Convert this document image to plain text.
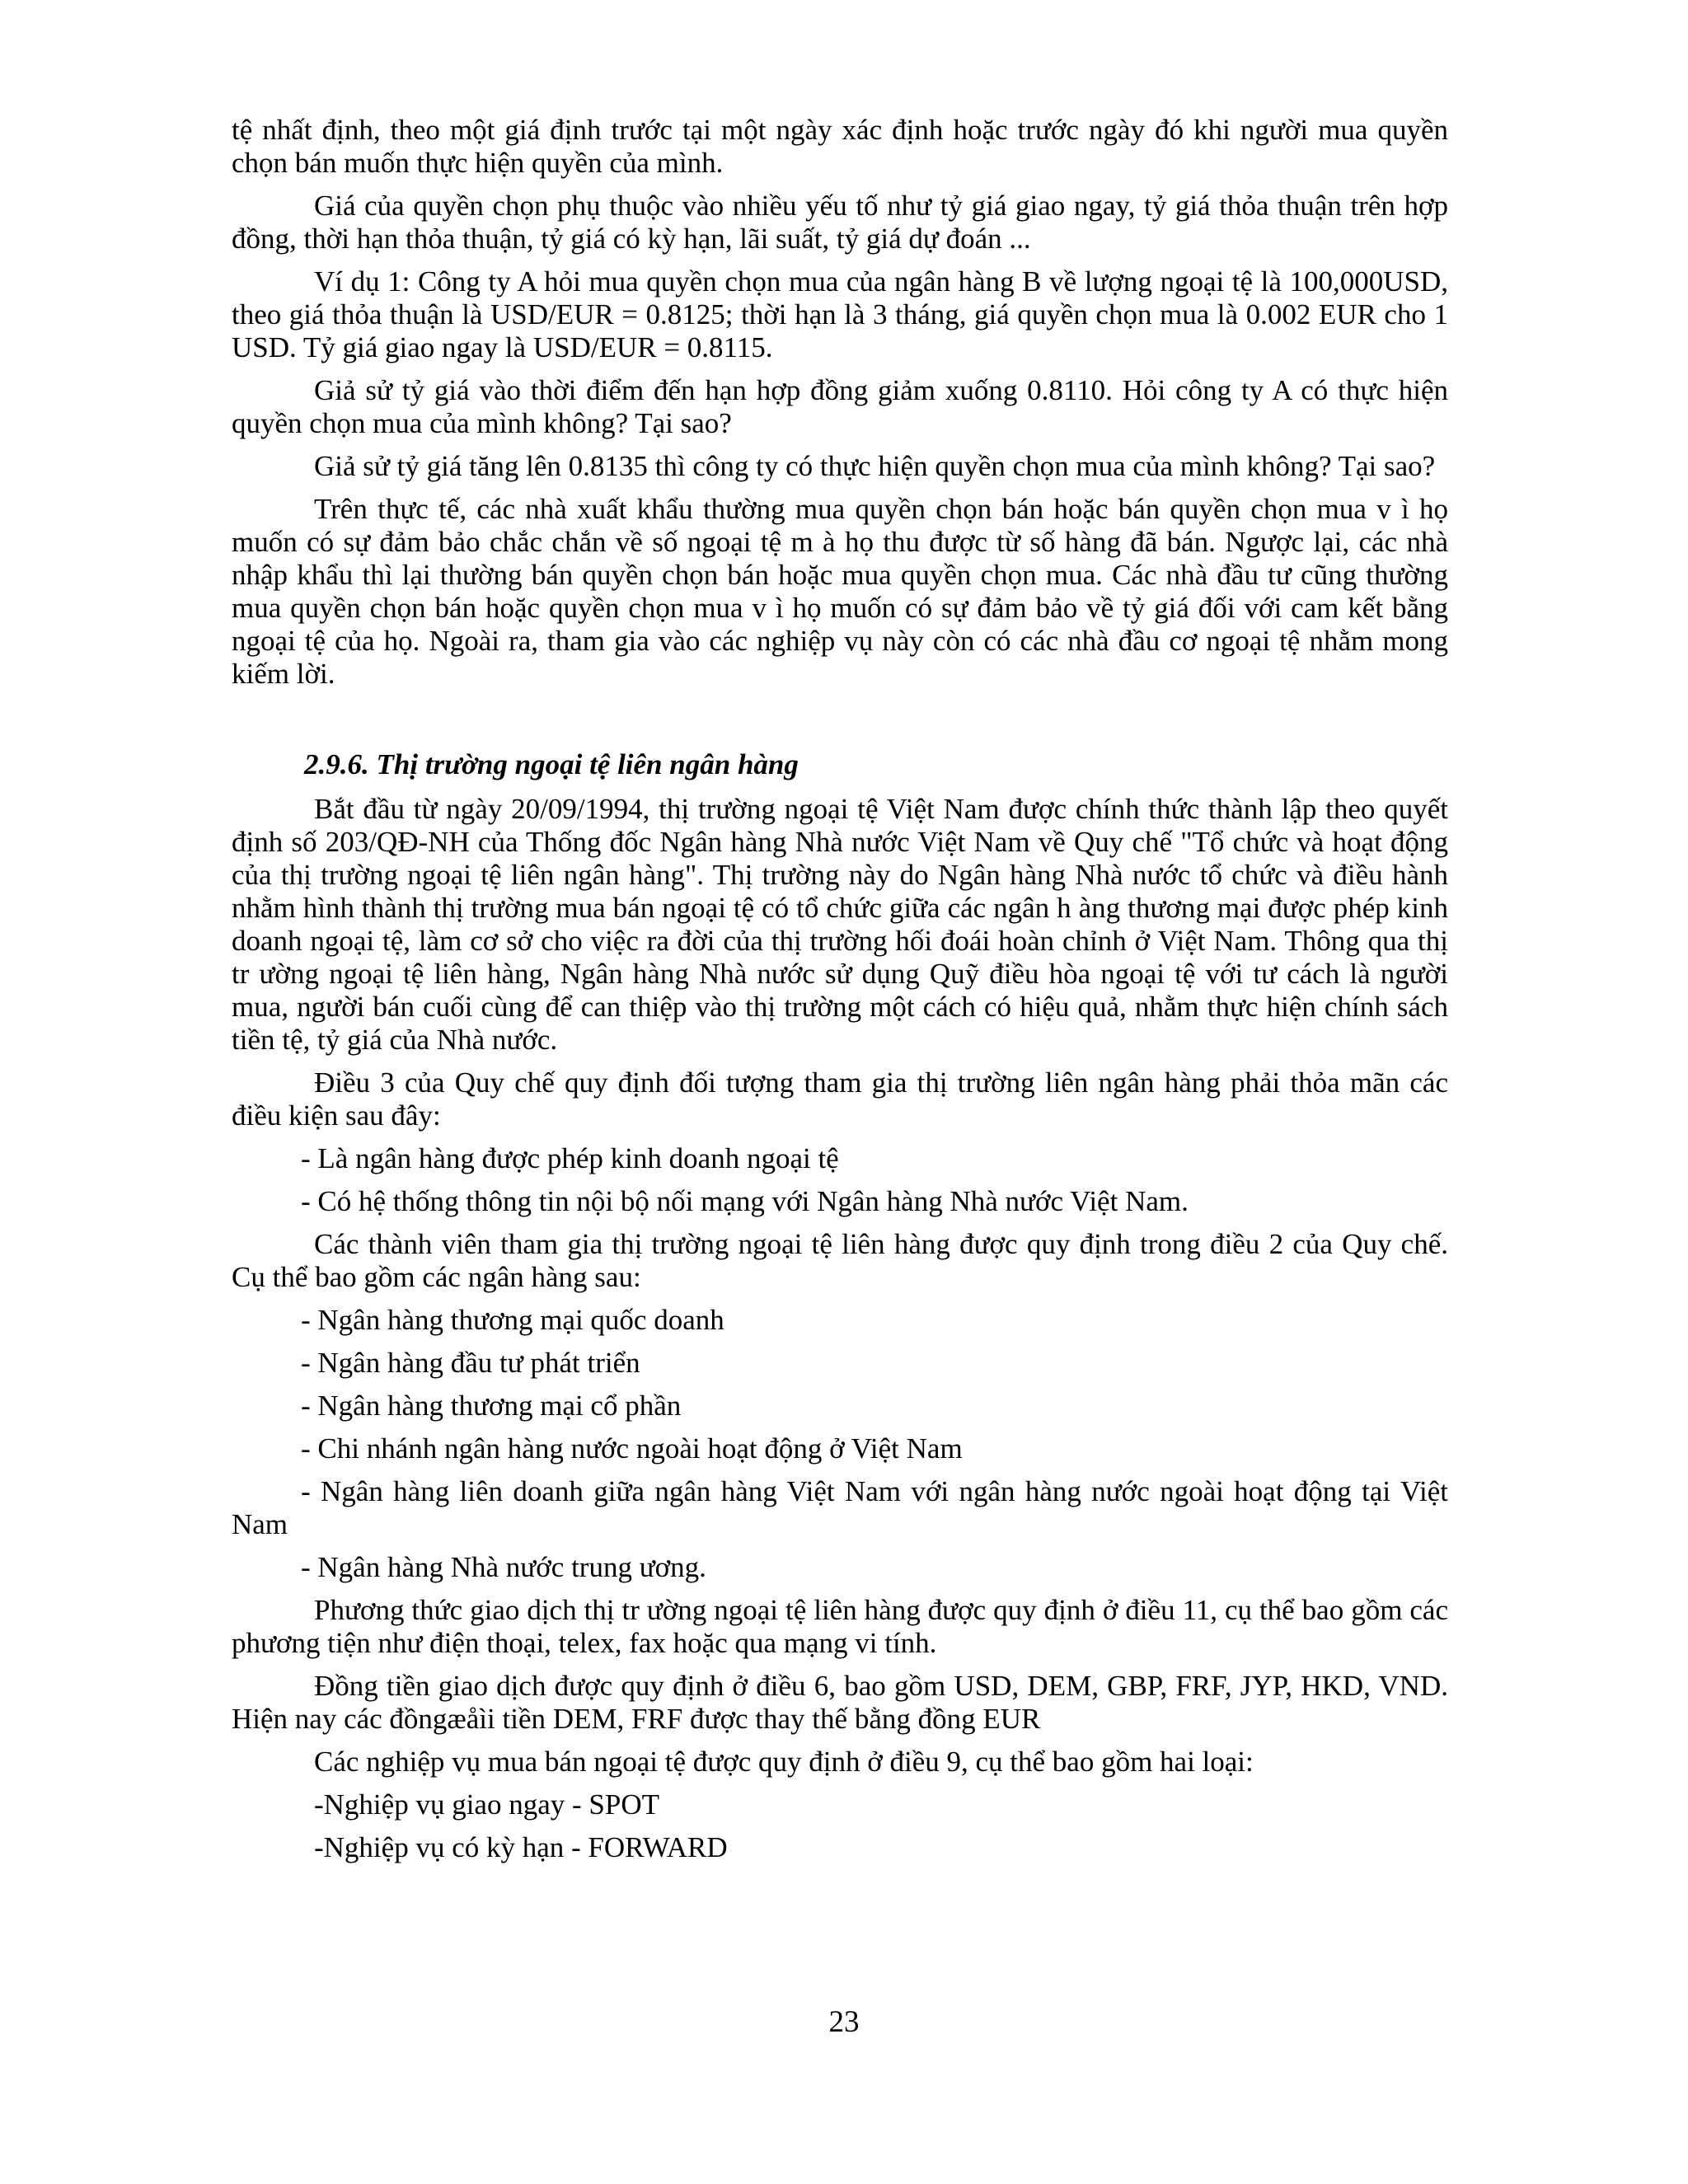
tệ nhất định, theo một giá định trước tại một ngày xác định hoặc trước ngày đó khi người mua quyền chọn bán muốn thực hiện quyền của mình.

Giá của quyền chọn phụ thuộc vào nhiều yếu tố như tỷ giá giao ngay, tỷ giá thỏa thuận trên hợp đồng, thời hạn thỏa thuận, tỷ giá có kỳ hạn, lãi suất, tỷ giá dự đoán ...

Ví dụ 1: Công ty A hỏi mua quyền chọn mua của ngân hàng B về lượng ngoại tệ là 100,000USD, theo giá thỏa thuận là USD/EUR = 0.8125; thời hạn là 3 tháng, giá quyền chọn mua là 0.002 EUR cho 1 USD. Tỷ giá giao ngay là USD/EUR = 0.8115.

Giả sử tỷ giá vào thời điểm đến hạn hợp đồng giảm xuống 0.8110. Hỏi công ty A có thực hiện quyền chọn mua của mình không? Tại sao?

Giả sử tỷ giá tăng lên 0.8135 thì công ty có thực hiện quyền chọn mua của mình không? Tại sao?

Trên thực tế, các nhà xuất khẩu thường mua quyền chọn bán hoặc bán quyền chọn mua v ì họ muốn có sự đảm bảo chắc chắn về số ngoại tệ m à họ thu được từ số hàng đã bán. Ngược lại, các nhà nhập khẩu thì lại thường bán quyền chọn bán hoặc mua quyền chọn mua. Các nhà đầu tư cũng thường mua quyền chọn bán hoặc quyền chọn mua v ì họ muốn có sự đảm bảo về tỷ giá đối với cam kết bằng ngoại tệ của họ. Ngoài ra, tham gia vào các nghiệp vụ này còn có các nhà đầu cơ ngoại tệ nhằm mong kiếm lời.

2.9.6. Thị trường ngoại tệ liên ngân hàng

Bắt đầu từ ngày 20/09/1994, thị trường ngoại tệ Việt Nam được chính thức thành lập theo quyết định số 203/QĐ-NH của Thống đốc Ngân hàng Nhà nước Việt Nam về Quy chế "Tổ chức và hoạt động của thị trường ngoại tệ liên ngân hàng". Thị trường này do Ngân hàng Nhà nước tổ chức và điều hành nhằm hình thành thị trường mua bán ngoại tệ có tổ chức giữa các ngân h àng thương mại được phép kinh doanh ngoại tệ, làm cơ sở cho việc ra đời của thị trường hối đoái hoàn chỉnh ở Việt Nam. Thông qua thị tr ường ngoại tệ liên hàng, Ngân hàng Nhà nước sử dụng Quỹ điều hòa ngoại tệ với tư cách là người mua, người bán cuối cùng để can thiệp vào thị trường một cách có hiệu quả, nhằm thực hiện chính sách tiền tệ, tỷ giá của Nhà nước.

Điều 3 của Quy chế quy định đối tượng tham gia thị trường liên ngân hàng phải thỏa mãn các điều kiện sau đây:

- Là ngân hàng được phép kinh doanh ngoại tệ

- Có hệ thống thông tin nội bộ nối mạng với Ngân hàng Nhà nước Việt Nam.

Các thành viên tham gia thị trường ngoại tệ liên hàng được quy định trong điều 2 của Quy chế. Cụ thể bao gồm các ngân hàng sau:

- Ngân hàng thương mại quốc doanh

- Ngân hàng đầu tư phát triển

- Ngân hàng thương mại cổ phần

- Chi nhánh ngân hàng nước ngoài hoạt động ở Việt Nam

- Ngân hàng liên doanh giữa ngân hàng Việt Nam với ngân hàng nước ngoài hoạt động tại Việt Nam

- Ngân hàng Nhà nước trung ương.

Phương thức giao dịch thị tr ường ngoại tệ liên hàng được quy định ở điều 11, cụ thể bao gồm các phương tiện như điện thoại, telex, fax hoặc qua mạng vi tính.

Đồng tiền giao dịch được quy định ở điều 6, bao gồm USD, DEM, GBP, FRF, JYP, HKD, VND. Hiện nay các đồngæåìi tiền DEM, FRF được thay thế bằng đồng EUR

Các nghiệp vụ mua bán ngoại tệ được quy định ở điều 9, cụ thể bao gồm hai loại:

-Nghiệp vụ giao ngay - SPOT

-Nghiệp vụ có kỳ hạn - FORWARD

23
